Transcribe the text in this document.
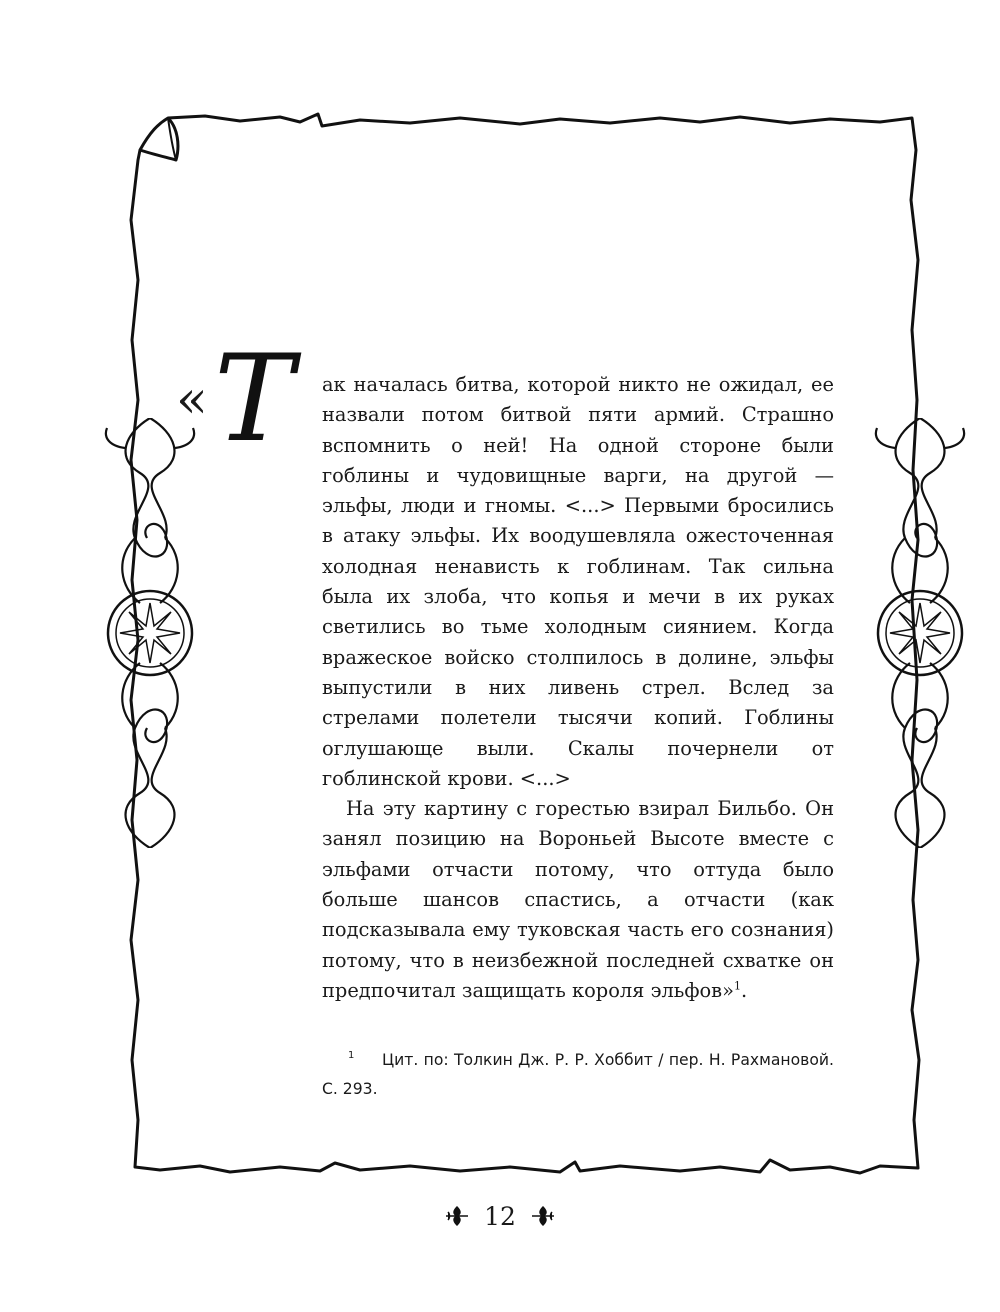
« Т ак началась битва, которой никто не ожидал, ее назвали потом битвой пяти армий. Страшно вспомнить о ней! На одной стороне были гоблины и чудовищные варги, на другой — эльфы, люди и гномы. <...> Первыми бросились в атаку эльфы. Их воодушевляла ожесточенная холодная ненависть к гоблинам. Так сильна была их злоба, что копья и мечи в их руках светились во тьме холодным сиянием. Когда вражеское войско столпилось в долине, эльфы выпустили в них ливень стрел. Вслед за стрелами полетели тысячи копий. Гоблины оглушающе выли. Скалы почернели от гоблинской крови. <...>

На эту картину с горестью взирал Бильбо. Он занял позицию на Вороньей Высоте вместе с эльфами отчасти потому, что оттуда было больше шансов спастись, а отчасти (как подсказывала ему туковская часть его сознания) потому, что в неизбежной последней схватке он предпочитал защищать короля эльфов»$^1$.

1 Цит. по: Толкин Дж. Р. Р. Хоббит / пер. Н. Рахмановой. С. 293.
12
